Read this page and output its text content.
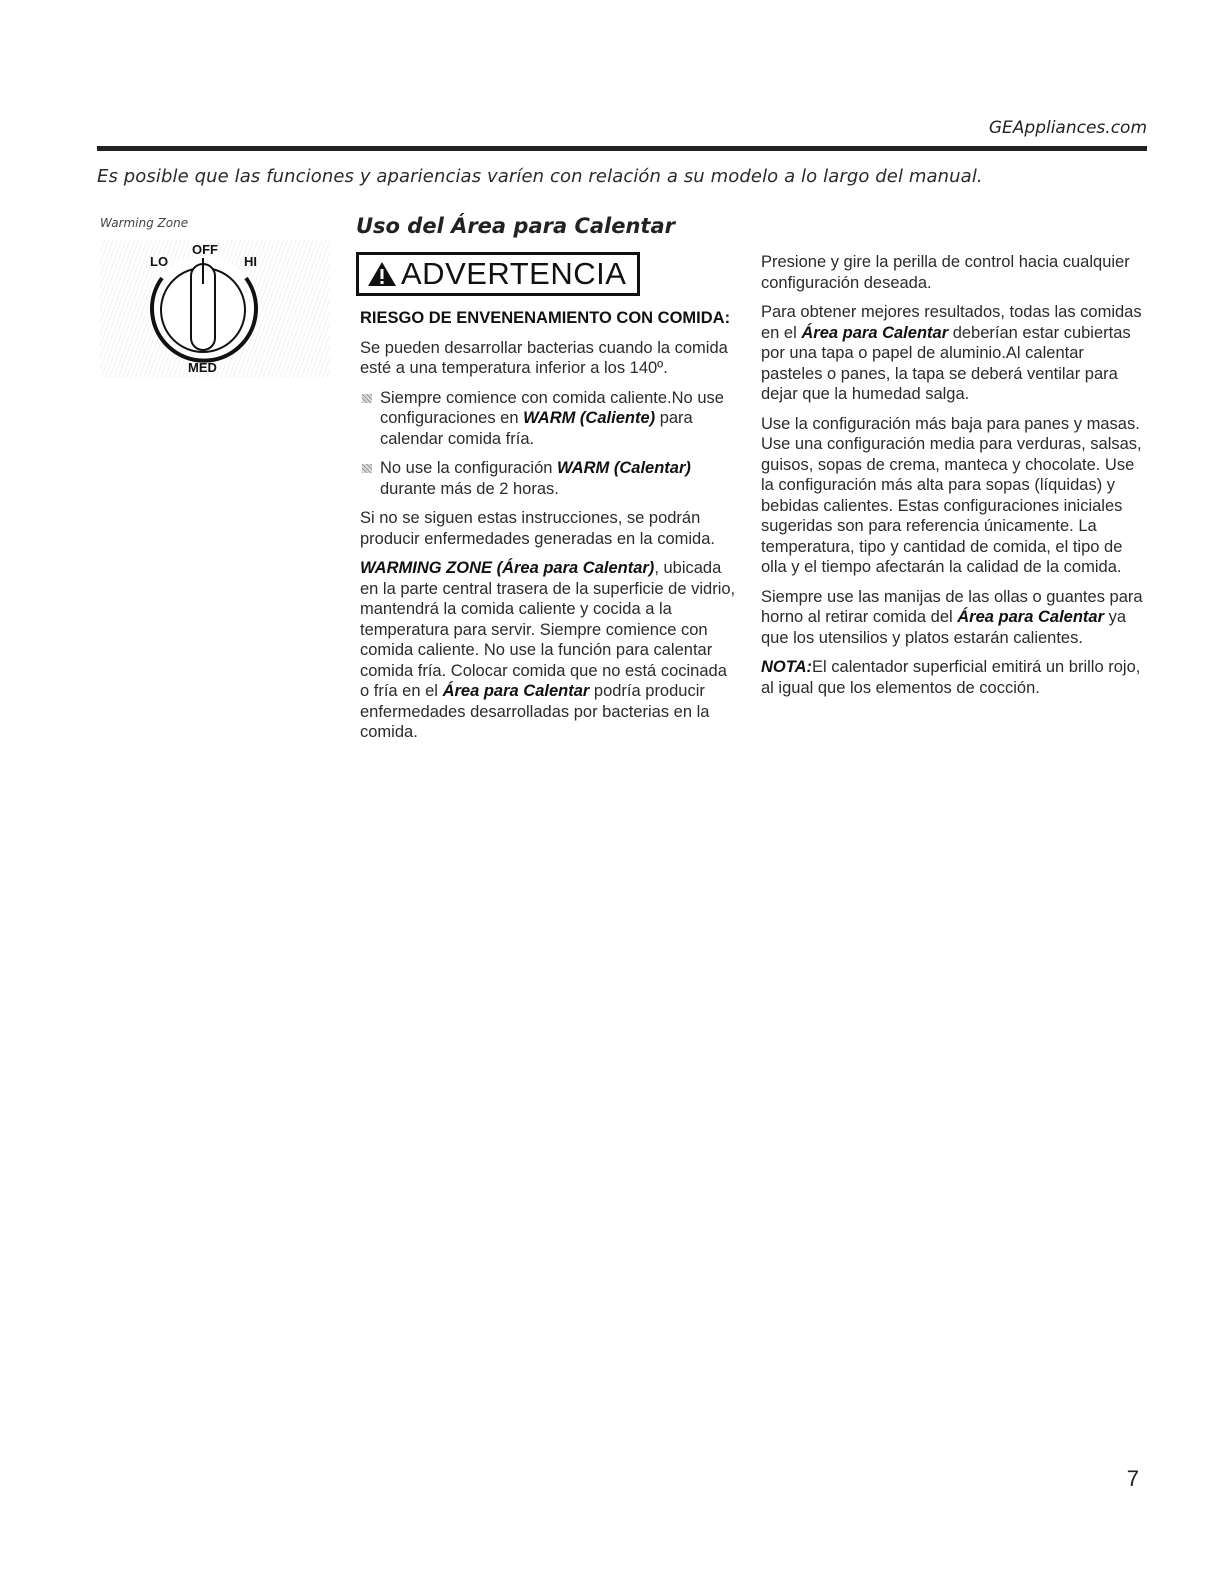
GEAppliances.com
Es posible que las funciones y apariencias varíen con relación a su modelo a lo largo del manual.
Warming Zone
LO
OFF
HI
MED
Uso del Área para Calentar
ADVERTENCIA

RIESGO DE ENVENENAMIENTO CON COMIDA:

Se pueden desarrollar bacterias cuando la comida esté a una temperatura inferior a los 140º.

Siempre comience con comida caliente.No use configuraciones en WARM (Caliente) para calendar comida fría.

No use la configuración WARM (Calentar) durante más de 2 horas.

Si no se siguen estas instrucciones, se podrán producir enfermedades generadas en la comida.

WARMING ZONE (Área para Calentar), ubicada en la parte central trasera de la superficie de vidrio, mantendrá la comida caliente y cocida a la temperatura para servir. Siempre comience con comida caliente. No use la función para calentar comida fría. Colocar comida que no está cocinada o fría en el Área para Calentar podría producir enfermedades desarrolladas por bacterias en la comida.

Presione y gire la perilla de control hacia cualquier configuración deseada.

Para obtener mejores resultados, todas las comidas en el Área para Calentar deberían estar cubiertas por una tapa o papel de aluminio.Al calentar pasteles o panes, la tapa se deberá ventilar para dejar que la humedad salga.

Use la configuración más baja para panes y masas. Use una configuración media para verduras, salsas, guisos, sopas de crema, manteca y chocolate. Use la configuración más alta para sopas (líquidas) y bebidas calientes. Estas configuraciones iniciales sugeridas son para referencia únicamente. La temperatura, tipo y cantidad de comida, el tipo de olla y el tiempo afectarán la calidad de la comida.

Siempre use las manijas de las ollas o guantes para horno al retirar comida del Área para Calentar ya que los utensilios y platos estarán calientes.

NOTA:El calentador superficial emitirá un brillo rojo, al igual que los elementos de cocción.

7
